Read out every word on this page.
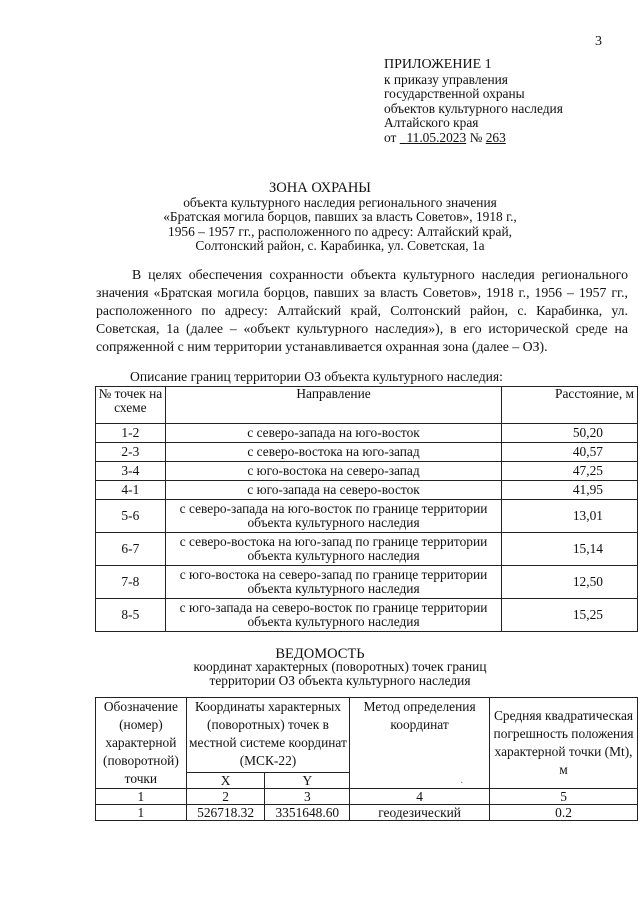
3
ПРИЛОЖЕНИЕ 1
к приказу управления
государственной охраны
объектов культурного наследия
Алтайского края
от 11.05.2023 № 263
ЗОНА ОХРАНЫ
объекта культурного наследия регионального значения
«Братская могила борцов, павших за власть Советов», 1918 г.,
1956 – 1957 гг., расположенного по адресу: Алтайский край,
Солтонский район, с. Карабинка, ул. Советская, 1а
В целях обеспечения сохранности объекта культурного наследия регионального значения «Братская могила борцов, павших за власть Советов», 1918 г., 1956 – 1957 гг., расположенного по адресу: Алтайский край, Солтонский район, с. Карабинка, ул. Советская, 1а (далее – «объект культурного наследия»), в его исторической среде на сопряженной с ним территории устанавливается охранная зона (далее – ОЗ).
Описание границ территории ОЗ объекта культурного наследия:
№ точек на схеме	Направление	Расстояние, м
1-2	с северо-запада на юго-восток	50,20
2-3	с северо-востока на юго-запад	40,57
3-4	с юго-востока на северо-запад	47,25
4-1	с юго-запада на северо-восток	41,95
5-6	с северо-запада на юго-восток по границе территории объекта культурного наследия	13,01
6-7	с северо-востока на юго-запад по границе территории объекта культурного наследия	15,14
7-8	с юго-востока на северо-запад по границе территории объекта культурного наследия	12,50
8-5	с юго-запада на северо-восток по границе территории объекта культурного наследия	15,25
ВЕДОМОСТЬ
координат характерных (поворотных) точек границ
территории ОЗ объекта культурного наследия
Обозначение (номер) характерной (поворотной) точки	Координаты характерных (поворотных) точек в местной системе координат (МСК-22)		Метод определения координат	Средняя квадратическая погрешность положения характерной точки (Mt), м
	X	Y		
1	2	3	4	5
1	526718.32	3351648.60	геодезический	0.2
·
